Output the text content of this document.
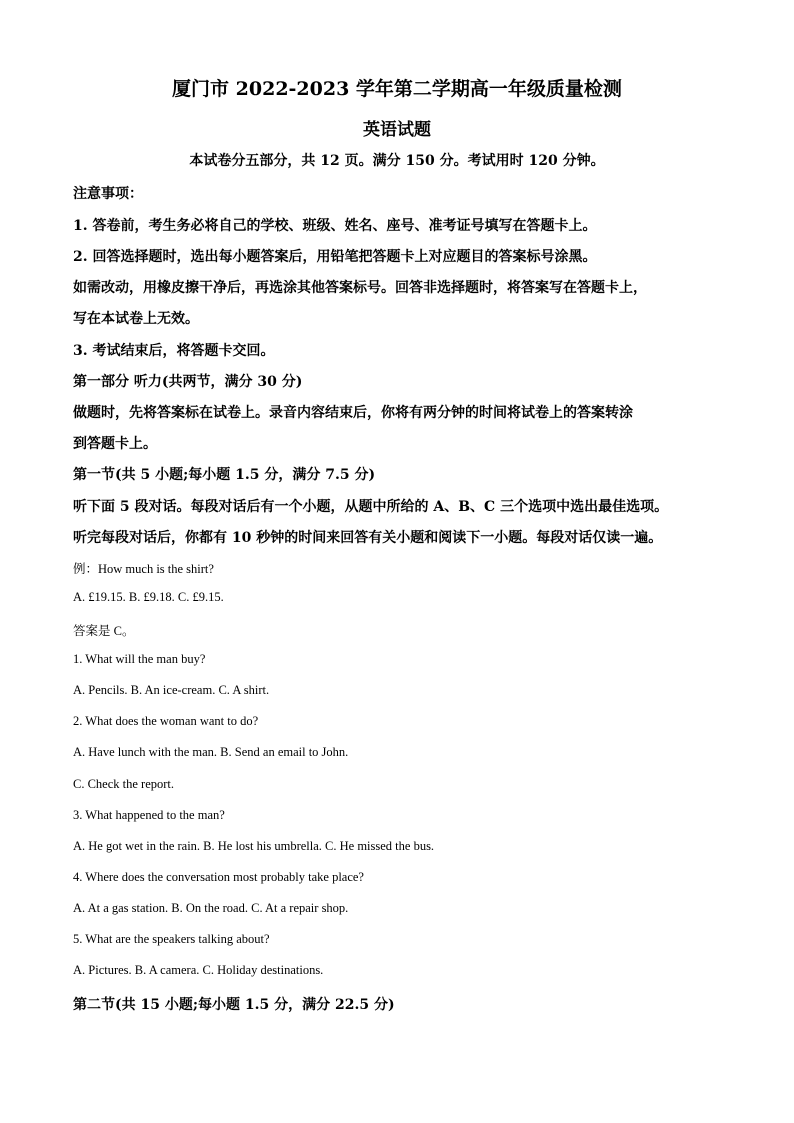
厦门市 2022-2023 学年第二学期高一年级质量检测
英语试题
本试卷分五部分，共 12 页。满分 150 分。考试用时 120 分钟。
注意事项：
1. 答卷前，考生务必将自己的学校、班级、姓名、座号、准考证号填写在答题卡上。
2. 回答选择题时，选出每小题答案后，用铅笔把答题卡上对应题目的答案标号涂黑。
如需改动，用橡皮擦干净后，再选涂其他答案标号。回答非选择题时，将答案写在答题卡上，
写在本试卷上无效。
3. 考试结束后，将答题卡交回。
第一部分 听力(共两节，满分 30 分)
做题时，先将答案标在试卷上。录音内容结束后，你将有两分钟的时间将试卷上的答案转涂
到答题卡上。
第一节(共 5 小题;每小题 1.5 分，满分 7.5 分)
听下面 5 段对话。每段对话后有一个小题，从题中所给的 A、B、C 三个选项中选出最佳选项。
听完每段对话后，你都有 10 秒钟的时间来回答有关小题和阅读下一小题。每段对话仅读一遍。
例：How much is the shirt?
A. £19.15. B. £9.18. C. £9.15.
答案是 C。
1. What will the man buy?
A. Pencils. B. An ice-cream. C. A shirt.
2. What does the woman want to do?
A. Have lunch with the man. B. Send an email to John.
C. Check the report.
3. What happened to the man?
A. He got wet in the rain. B. He lost his umbrella. C. He missed the bus.
4. Where does the conversation most probably take place?
A. At a gas station. B. On the road. C. At a repair shop.
5. What are the speakers talking about?
A. Pictures. B. A camera. C. Holiday destinations.
第二节(共 15 小题;每小题 1.5 分，满分 22.5 分)
